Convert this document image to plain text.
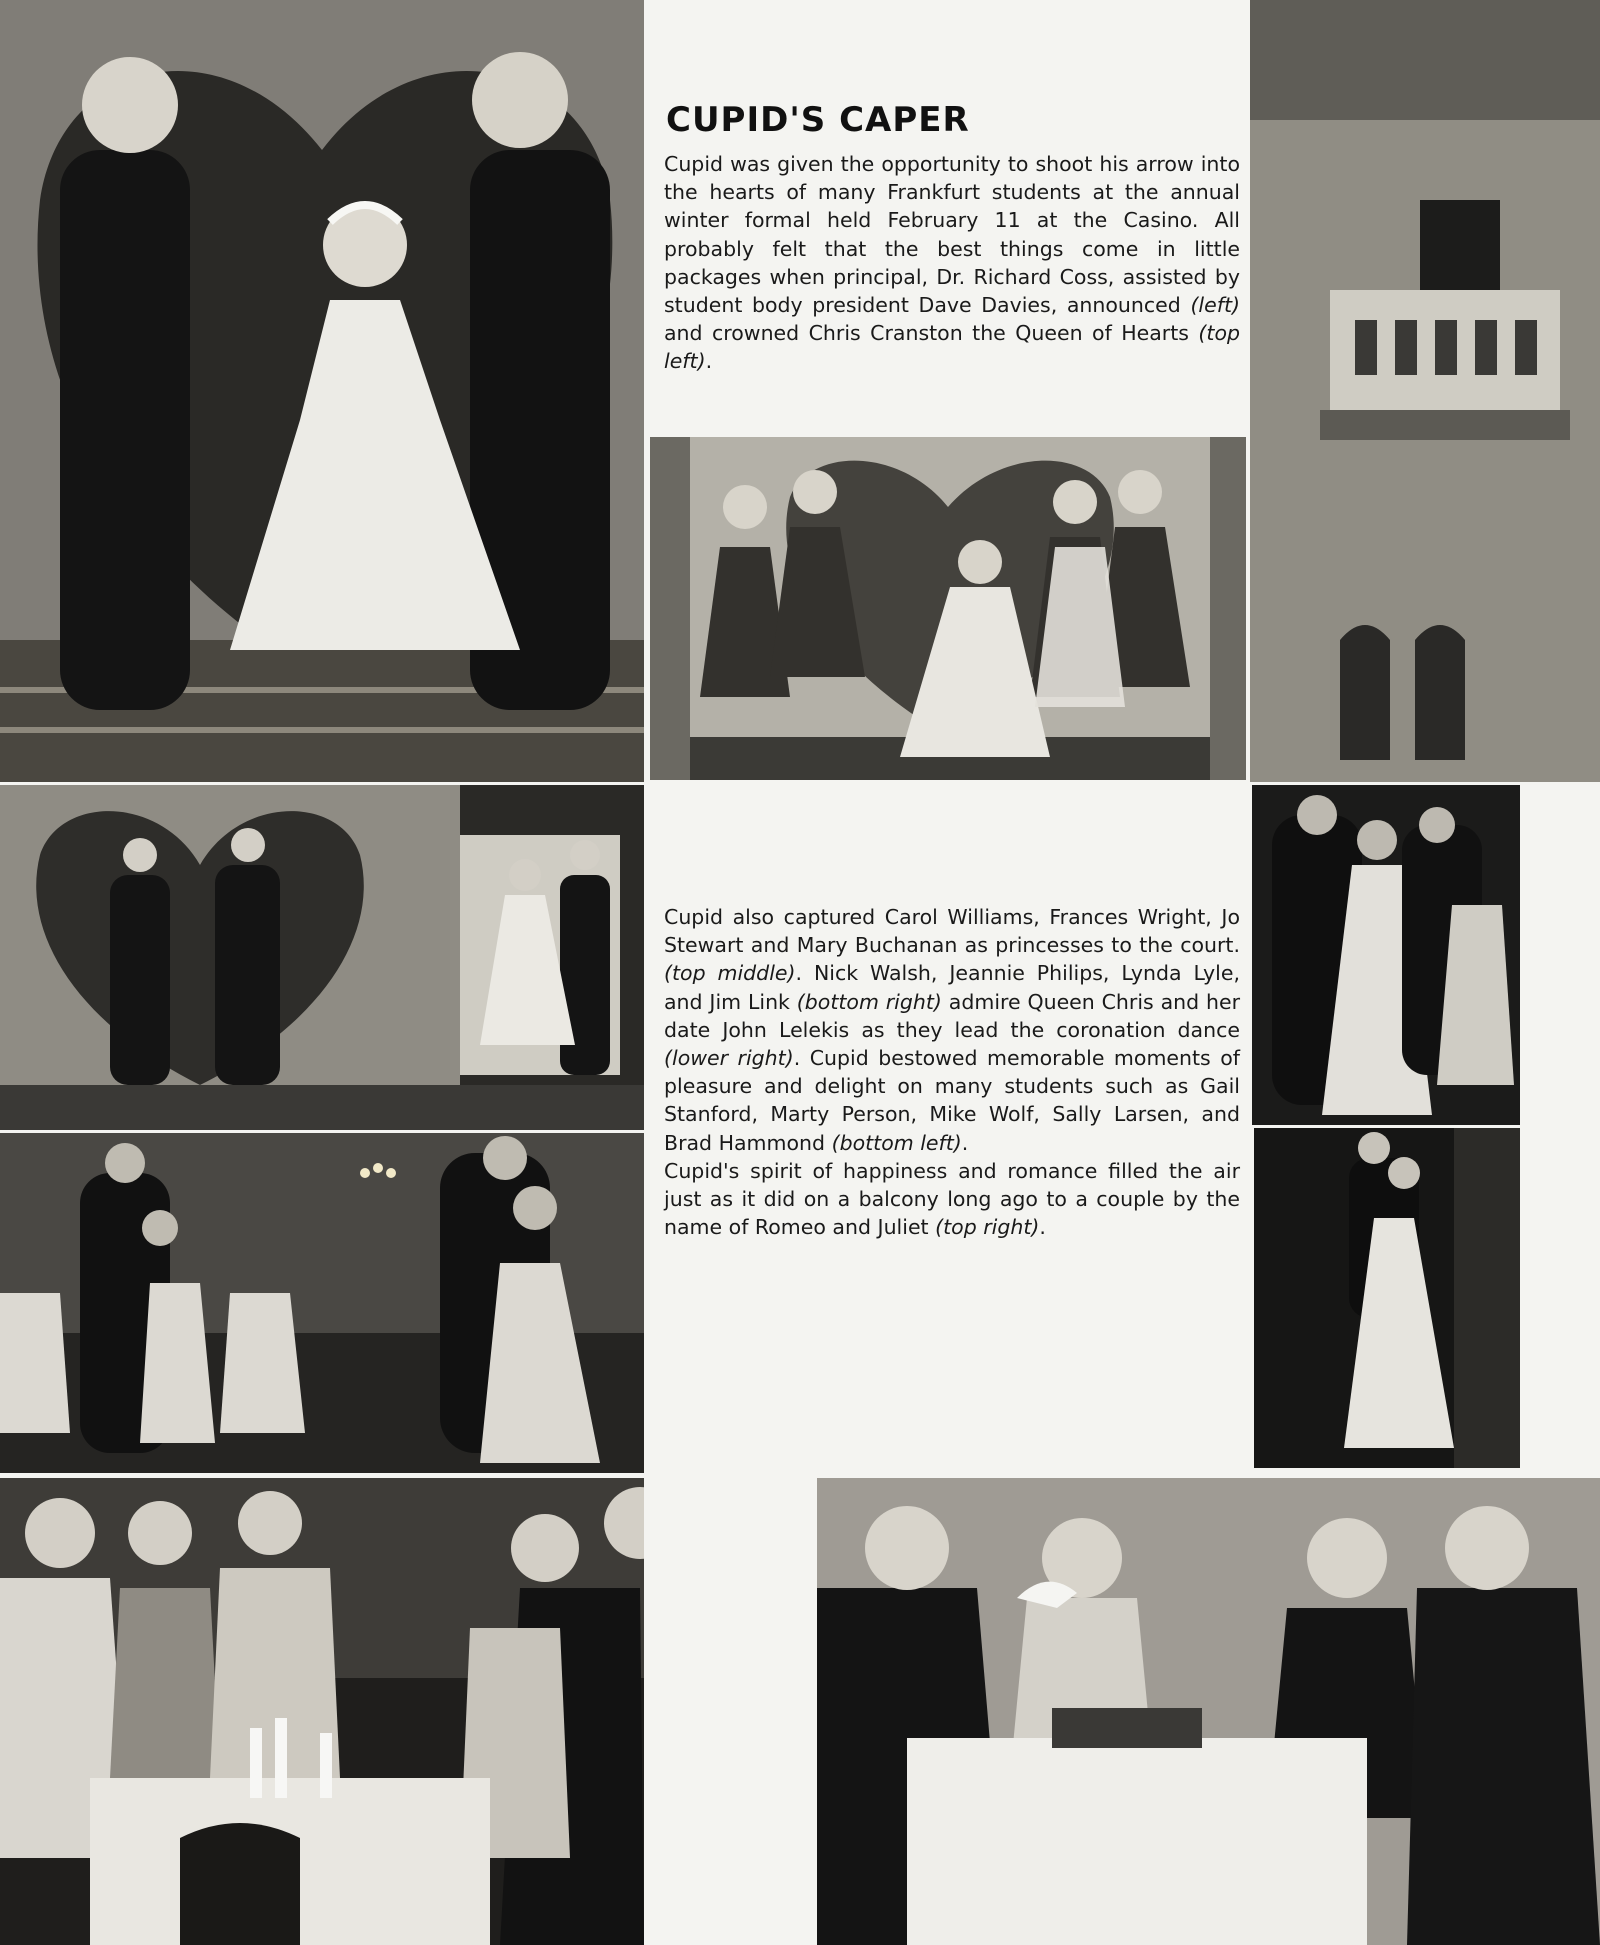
CUPID'S CAPER

Cupid was given the opportunity to shoot his arrow into the hearts of many Frankfurt students at the annual winter formal held February 11 at the Casino. All probably felt that the best things come in little packages when principal, Dr. Richard Coss, assisted by student body president Dave Davies, announced (left) and crowned Chris Cranston the Queen of Hearts (top left).

Cupid also captured Carol Williams, Frances Wright, Jo Stewart and Mary Buchanan as princesses to the court. (top middle). Nick Walsh, Jeannie Philips, Lynda Lyle, and Jim Link (bottom right) admire Queen Chris and her date John Lelekis as they lead the coronation dance (lower right). Cupid bestowed memorable moments of pleasure and delight on many students such as Gail Stanford, Marty Person, Mike Wolf, Sally Larsen, and Brad Hammond (bottom left).

Cupid's spirit of happiness and romance filled the air just as it did on a balcony long ago to a couple by the name of Romeo and Juliet (top right).
